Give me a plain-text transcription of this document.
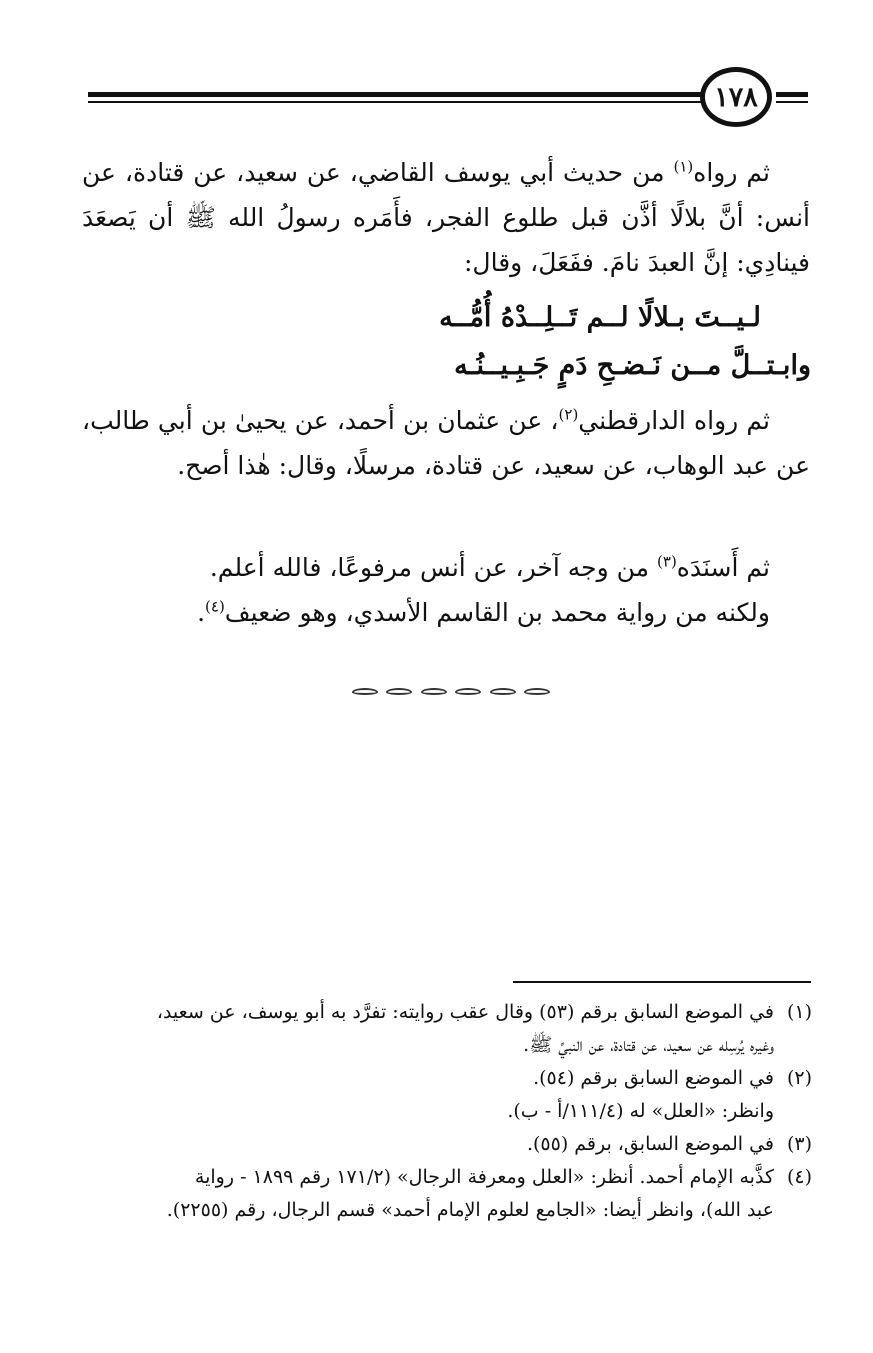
١٧٨

ثم رواه$^{(١)}$ من حديث أبي يوسف القاضي، عن سعيد، عن قتادة، عن أنس: أنَّ بلالًا أذَّن قبل طلوع الفجر، فأَمَره رسولُ الله ﷺ أن يَصعَدَ فينادِي: إنَّ العبدَ نامَ. ففَعَلَ، وقال:

لـيــتَ بـلالًا لــم تَــلِــدْهُ أُمُّــه
وابـتــلَّ مــن نَـضـحِ دَمٍ جَـبِـيــنُـه

ثم رواه الدارقطني$^{(٢)}$، عن عثمان بن أحمد، عن يحيىٰ بن أبي طالب، عن عبد الوهاب، عن سعيد، عن قتادة، مرسلًا، وقال: هٰذا أصح.

ثم أَسنَدَه$^{(٣)}$ من وجه آخر، عن أنس مرفوعًا، فالله أعلم.

ولكنه من رواية محمد بن القاسم الأسدي، وهو ضعيف$^{(٤)}$.

(١)
في الموضع السابق برقم (٥٣) وقال عقب روايته: تفرَّد به أبو يوسف، عن سعيد،
وغيره يُرسِله عن سعيد، عن قتادة، عن النبيِّ ﷺ.
(٢)
في الموضع السابق برقم (٥٤).
وانظر: «العلل» له (١١١/٤/أ - ب).
(٣)
في الموضع السابق، برقم (٥٥).
(٤)
كذَّبه الإمام أحمد. أنظر: «العلل ومعرفة الرجال» (١٧١/٢ رقم ١٨٩٩ - رواية
عبد الله)، وانظر أيضا: «الجامع لعلوم الإمام أحمد» قسم الرجال، رقم (٢٢٥٥).
